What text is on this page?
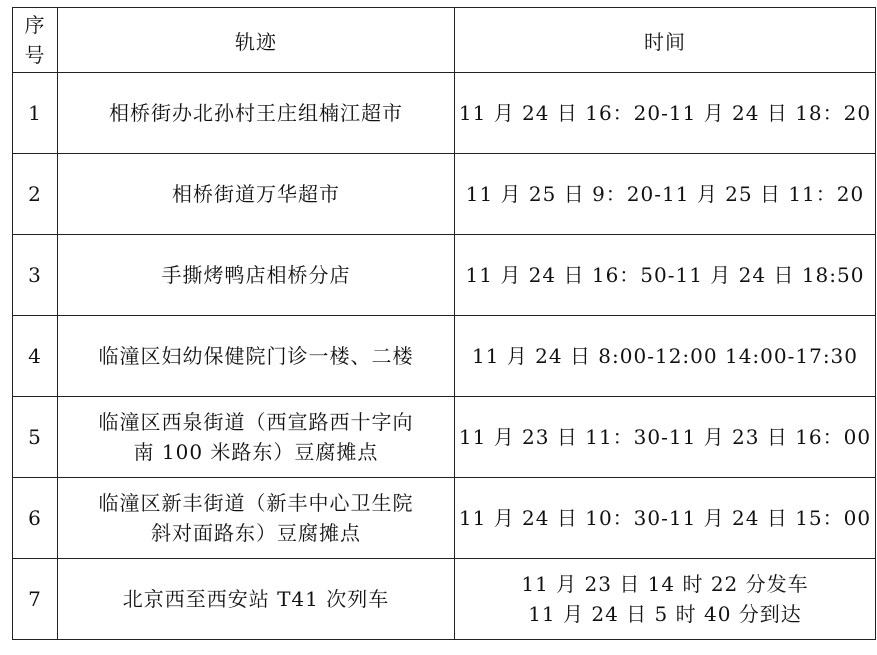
序
号	轨迹	时间
1	相桥街办北孙村王庄组楠江超市	11 月 24 日 16：20-11 月 24 日 18：20

2	相桥街道万华超市	11 月 25 日 9：20-11 月 25 日 11：20

3	手撕烤鸭店相桥分店	11 月 24 日 16：50-11 月 24 日 18:50

4	临潼区妇幼保健院门诊一楼、二楼	11 月 24 日 8:00-12:00 14:00-17:30

5	临潼区西泉街道（西宣路西十字向
南 100 米路东）豆腐摊点	11 月 23 日 11：30-11 月 23 日 16：00

6	临潼区新丰街道（新丰中心卫生院
斜对面路东）豆腐摊点	11 月 24 日 10：30-11 月 24 日 15：00

7	北京西至西安站 T41 次列车	11 月 23 日 14 时 22 分发车
11 月 24 日 5 时 40 分到达
